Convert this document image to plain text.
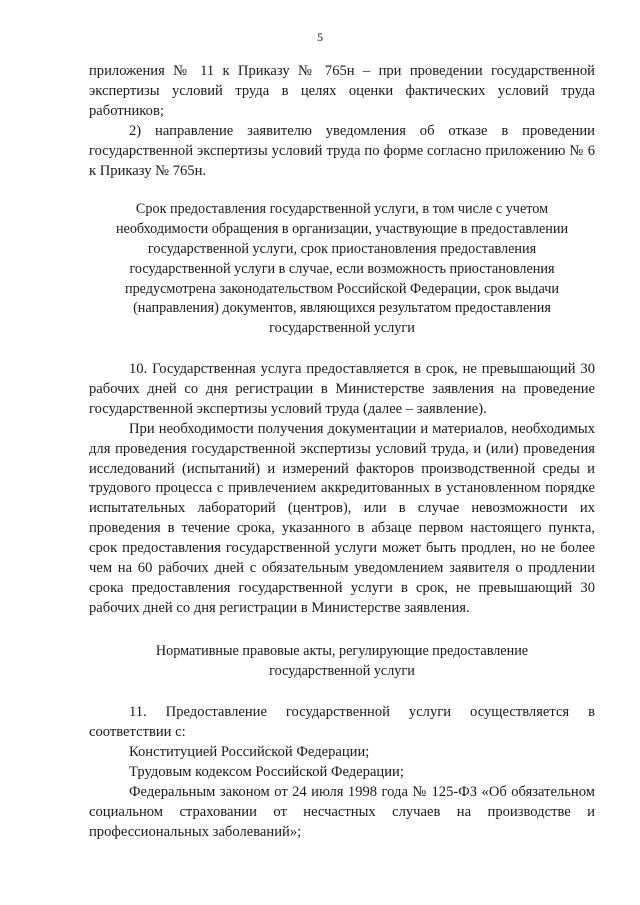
5

приложения № 11 к Приказу № 765н – при проведении государственной экспертизы условий труда в целях оценки фактических условий труда работников;

2) направление заявителю уведомления об отказе в проведении государственной экспертизы условий труда по форме согласно приложению № 6 к Приказу № 765н.

Срок предоставления государственной услуги, в том числе с учетом необходимости обращения в организации, участвующие в предоставлении государственной услуги, срок приостановления предоставления государственной услуги в случае, если возможность приостановления предусмотрена законодательством Российской Федерации, срок выдачи (направления) документов, являющихся результатом предоставления государственной услуги

10. Государственная услуга предоставляется в срок, не превышающий 30 рабочих дней со дня регистрации в Министерстве заявления на проведение государственной экспертизы условий труда (далее – заявление).

При необходимости получения документации и материалов, необходимых для проведения государственной экспертизы условий труда, и (или) проведения исследований (испытаний) и измерений факторов производственной среды и трудового процесса с привлечением аккредитованных в установленном порядке испытательных лабораторий (центров), или в случае невозможности их проведения в течение срока, указанного в абзаце первом настоящего пункта, срок предоставления государственной услуги может быть продлен, но не более чем на 60 рабочих дней с обязательным уведомлением заявителя о продлении срока предоставления государственной услуги в срок, не превышающий 30 рабочих дней со дня регистрации в Министерстве заявления.

Нормативные правовые акты, регулирующие предоставление государственной услуги

11. Предоставление государственной услуги осуществляется в соответствии с:

Конституцией Российской Федерации;

Трудовым кодексом Российской Федерации;

Федеральным законом от 24 июля 1998 года № 125-ФЗ «Об обязательном социальном страховании от несчастных случаев на производстве и профессиональных заболеваний»;
